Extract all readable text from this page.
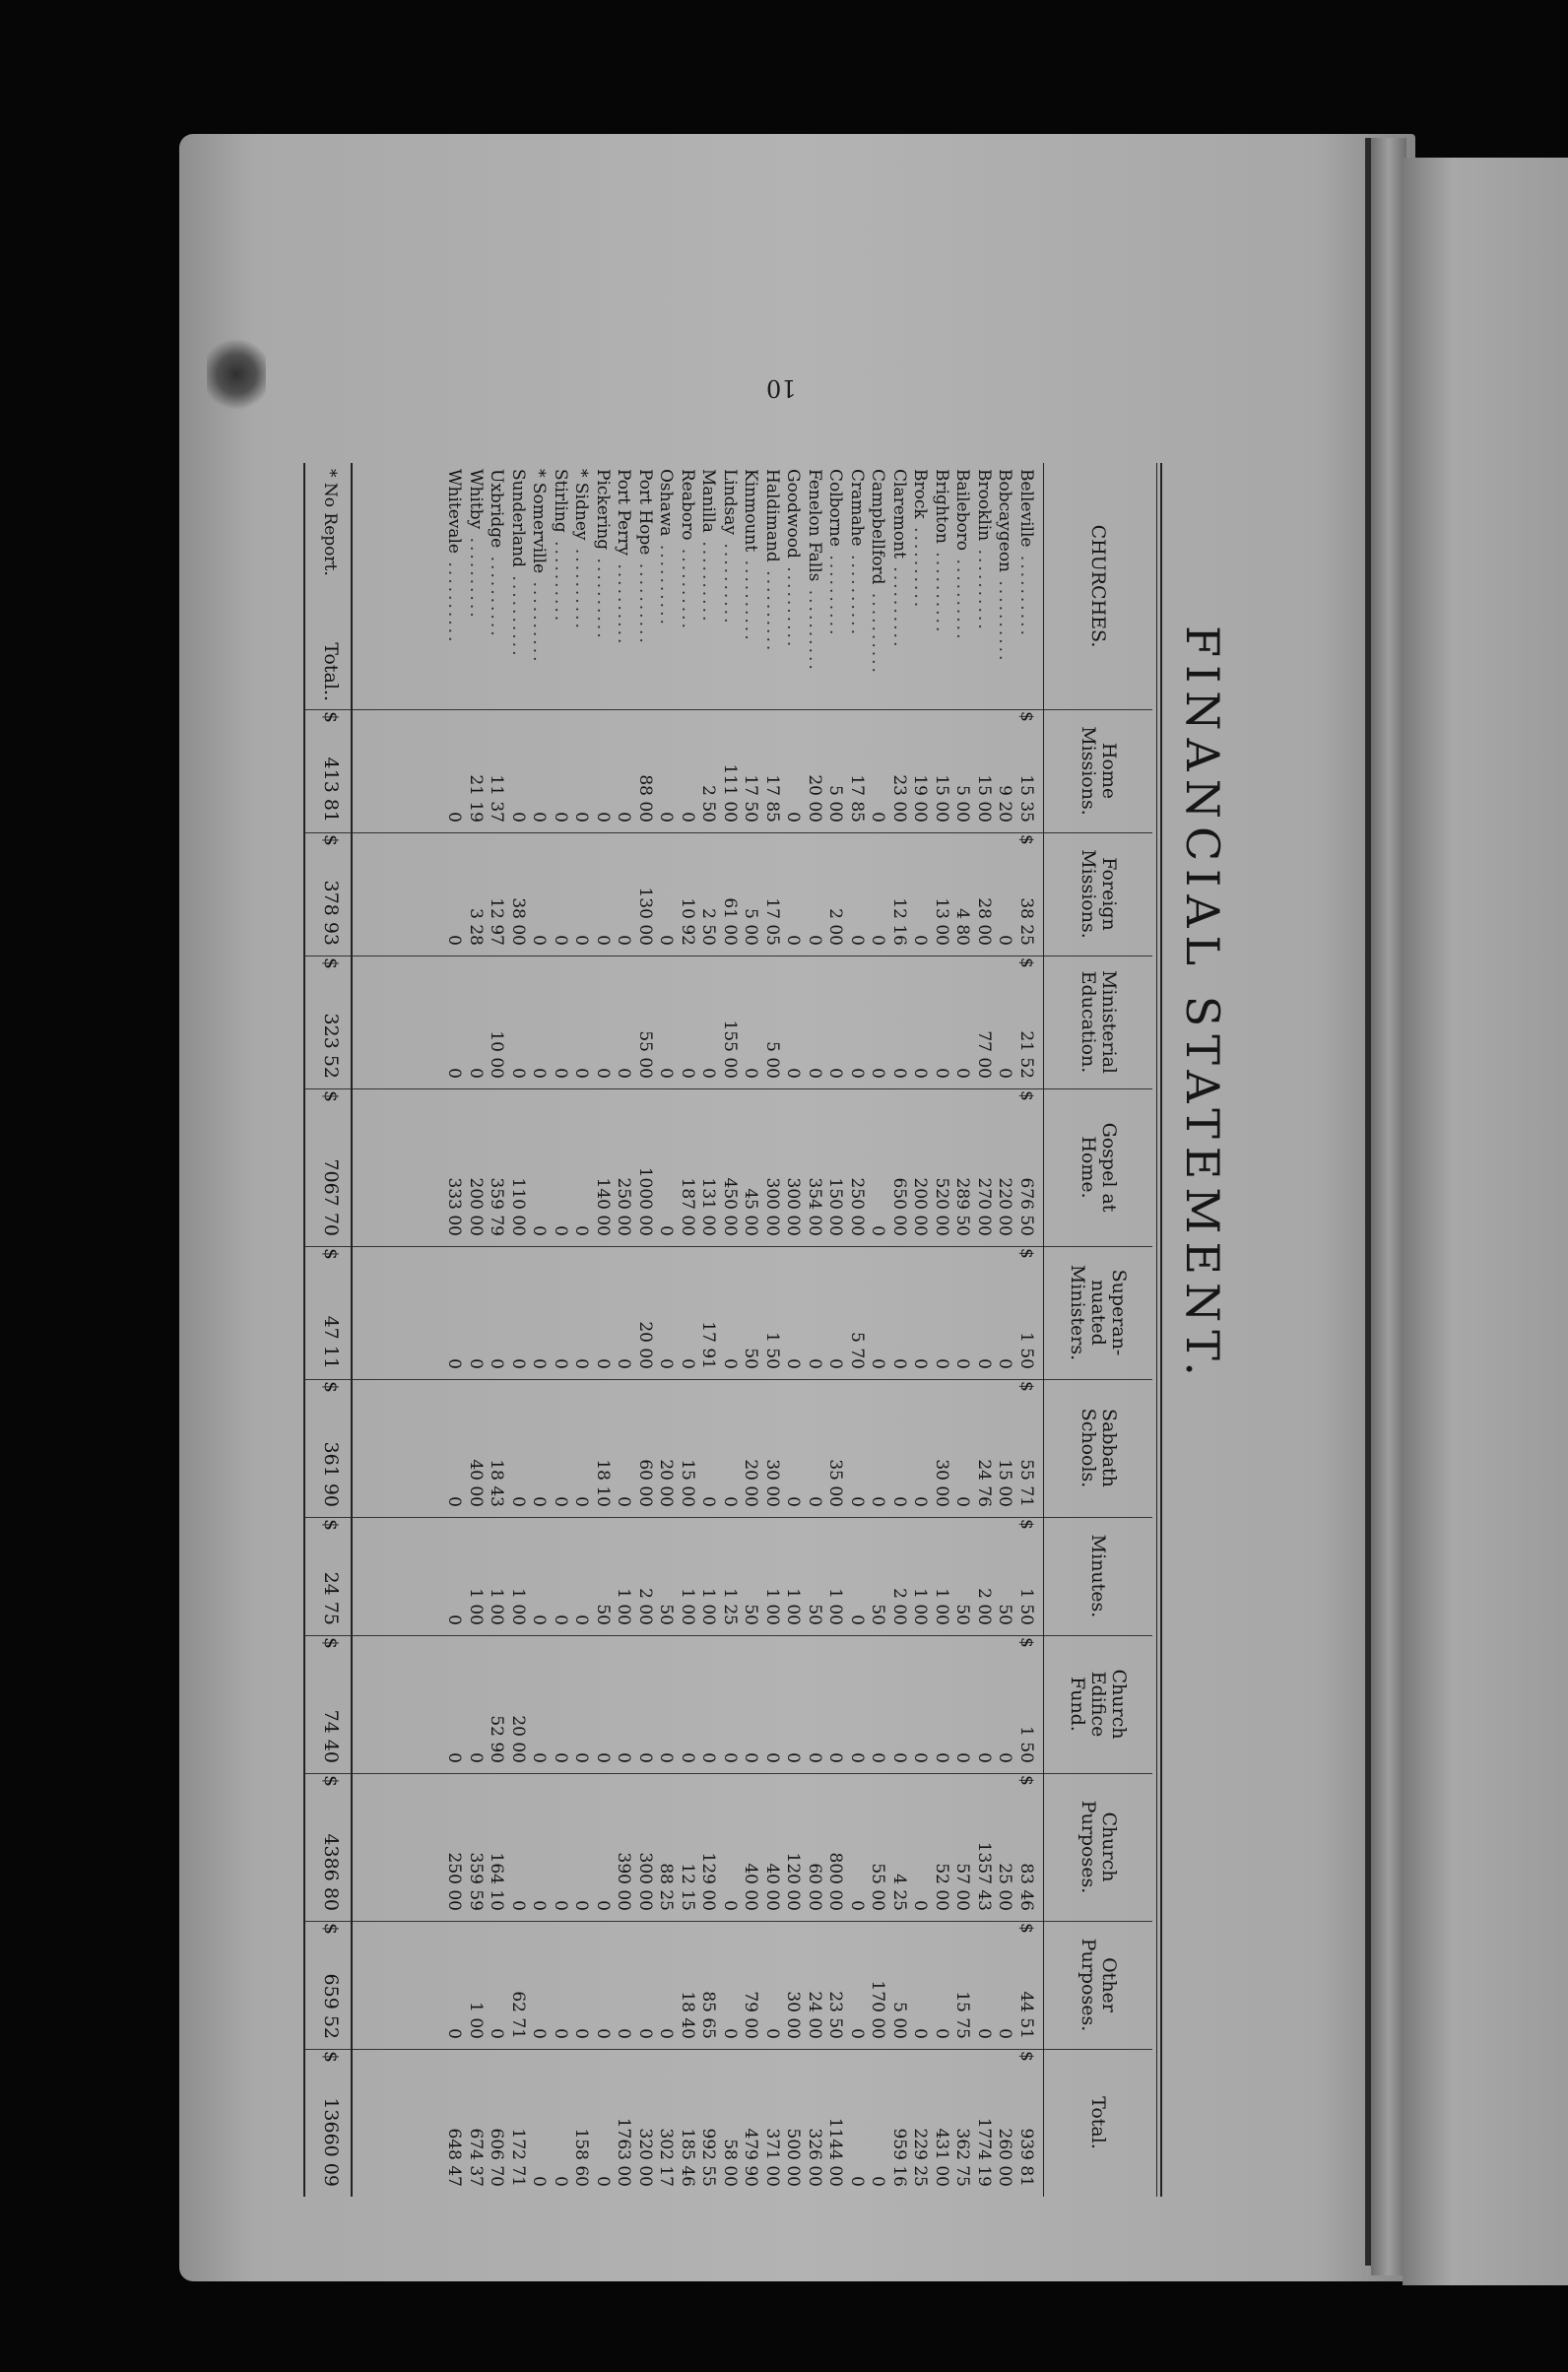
10
FINANCIAL STATEMENT.
CHURCHES.
Belleville ..........
Bobcaygeon ..........
Brooklin ..........
Baileboro ..........
Brighton ..........
Brock ..........
Claremont ..........
Campbellford ..........
Cramahe ..........
Colborne ..........
Fenelon Falls ..........
Goodwood ..........
Haldimand ..........
Kinmount ..........
Lindsay ..........
Manilla ..........
Reaboro ..........
Oshawa ..........
Port Hope ..........
Port Perry ..........
Pickering ..........
* Sidney ..........
Stirling ..........
* Somerville ..........
Sunderland ..........
Uxbridge ..........
Whitby ..........
Whitevale ..........
* No Report.
Total..
Home
Missions.
$
15 35
9 20
15 00
5 00
15 00
19 00
23 00
0
17 85
5 00
20 00
0
17 85
17 50
111 00
2 50
0
0
88 00
0
0
0
0
0
0
11 37
21 19
0
$
413 81
Foreign
Missions.
$
38 25
0
28 00
4 80
13 00
0
12 16
0
0
2 00
0
0
17 05
5 00
61 00
2 50
10 92
0
130 00
0
0
0
0
0
38 00
12 97
3 28
0
$
378 93
Ministerial
Education.
$
21 52
0
77 00
0
0
0
0
0
0
0
0
0
5 00
0
155 00
0
0
0
55 00
0
0
0
0
0
0
10 00
0
0
$
323 52
Gospel at
Home.
$
676 50
220 00
270 00
289 50
520 00
200 00
650 00
0
250 00
150 00
354 00
300 00
300 00
45 00
450 00
131 00
187 00
0
1000 00
250 00
140 00
0
0
0
110 00
359 79
200 00
333 00
$
7067 70
Superan-
nuated
Ministers.
$
1 50
0
0
0
0
0
0
0
5 70
0
0
0
1 50
50
0
17 91
0
0
20 00
0
0
0
0
0
0
0
0
0
$
47 11
Sabbath
Schools.
$
55 71
15 00
24 76
0
30 00
0
0
0
0
35 00
0
0
30 00
20 00
0
0
15 00
20 00
60 00
0
18 10
0
0
0
0
18 43
40 00
0
$
361 90
Minutes.
$
1 50
50
2 00
50
1 00
1 00
2 00
50
0
1 00
50
1 00
1 00
50
1 25
1 00
1 00
50
2 00
1 00
50
0
0
0
1 00
1 00
1 00
0
$
24 75
Church
Edifice
Fund.
$
1 50
0
0
0
0
0
0
0
0
0
0
0
0
0
0
0
0
0
0
0
0
0
0
0
20 00
52 90
0
0
$
74 40
Church
Purposes.
$
83 46
25 00
1357 43
57 00
52 00
0
4 25
55 00
0
800 00
60 00
120 00
40 00
40 00
0
129 00
12 15
88 25
300 00
390 00
0
0
0
0
0
164 10
359 59
250 00
$
4386 80
Other
Purposes.
$
44 51
0
0
15 75
0
0
5 00
170 00
0
23 50
24 00
30 00
0
79 00
0
85 65
18 40
0
0
0
0
0
0
0
62 71
0
1 00
0
$
659 52
Total.
$
939 81
260 00
1774 19
362 75
431 00
229 25
959 16
0
0
1144 00
326 00
500 00
371 00
479 90
58 00
992 55
185 46
302 17
320 00
1763 00
0
158 60
0
0
172 71
606 70
674 37
648 47
$
13660 09
